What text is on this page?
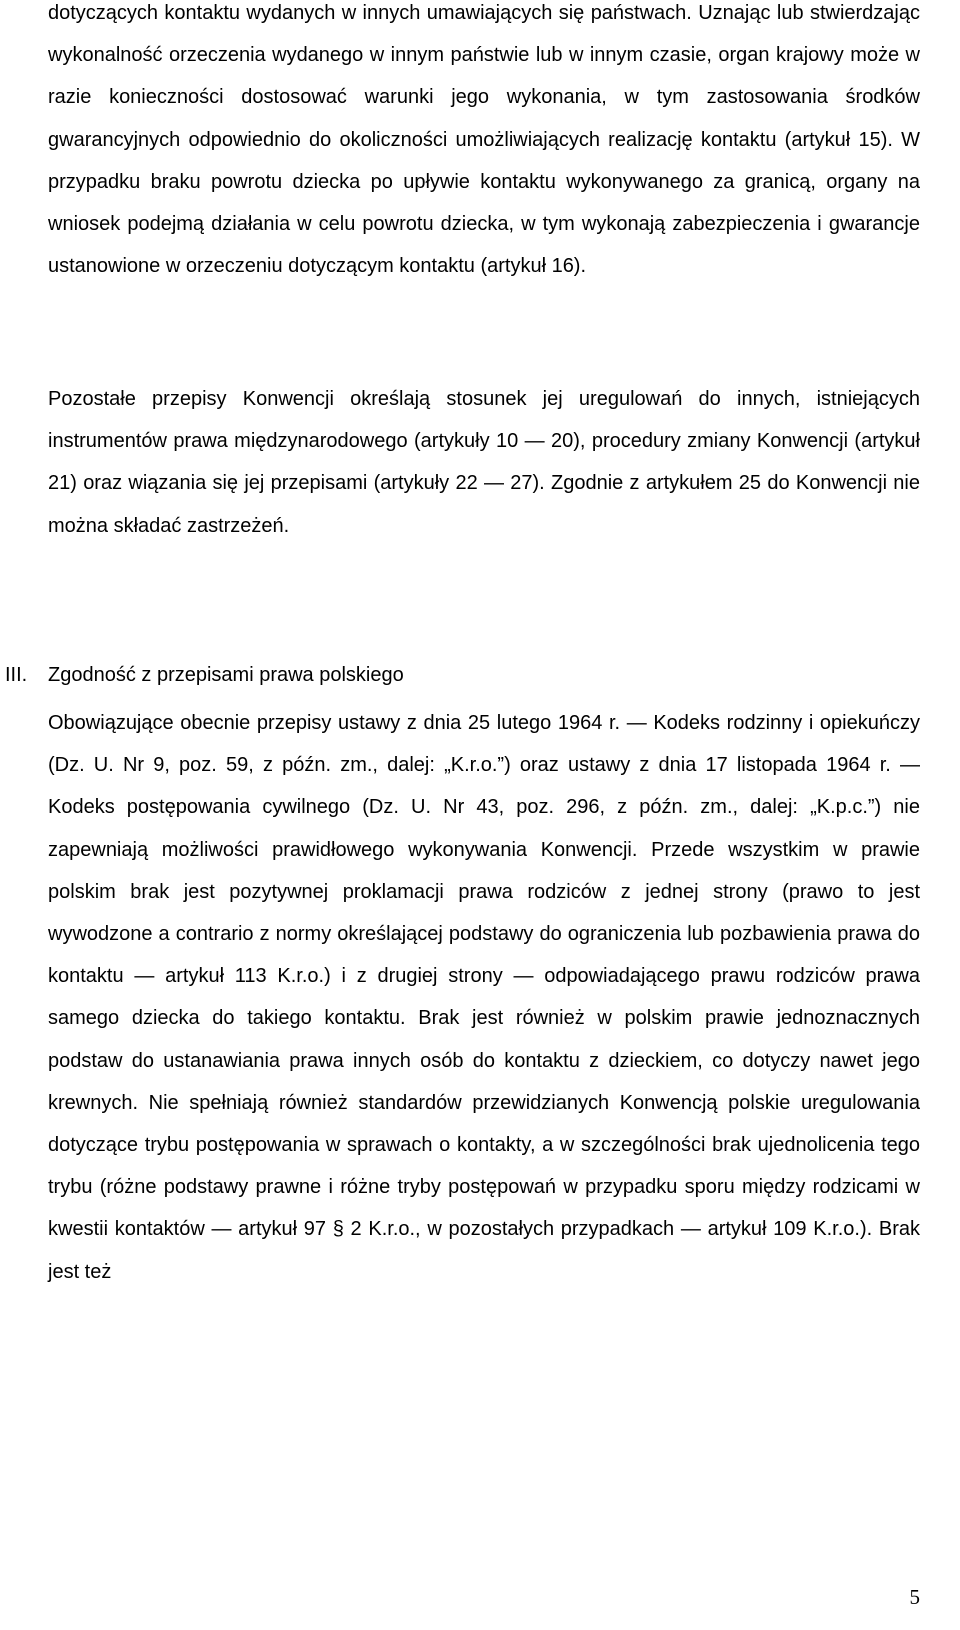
dotyczących kontaktu wydanych w innych umawiających się państwach. Uznając lub stwierdzając wykonalność orzeczenia wydanego w innym państwie lub w innym czasie, organ krajowy może w razie konieczności dostosować warunki jego wykonania, w tym zastosowania środków gwarancyjnych odpowiednio do okoliczności umożliwiających realizację kontaktu (artykuł 15). W przypadku braku powrotu dziecka po upływie kontaktu wykonywanego za granicą, organy na wniosek podejmą działania w celu powrotu dziecka, w tym wykonają zabezpieczenia i gwarancje ustanowione w orzeczeniu dotyczącym kontaktu (artykuł 16).

Pozostałe przepisy Konwencji określają stosunek jej uregulowań do innych, istniejących instrumentów prawa międzynarodowego (artykuły 10 — 20), procedury zmiany Konwencji (artykuł 21) oraz wiązania się jej przepisami (artykuły 22 — 27). Zgodnie z artykułem 25 do Konwencji nie można składać zastrzeżeń.

III. Zgodność z przepisami prawa polskiego

Obowiązujące obecnie przepisy ustawy z dnia 25 lutego 1964 r. — Kodeks rodzinny i opiekuńczy (Dz. U. Nr 9, poz. 59, z późn. zm., dalej: „K.r.o.”) oraz ustawy z dnia 17 listopada 1964 r. — Kodeks postępowania cywilnego (Dz. U. Nr 43, poz. 296, z późn. zm., dalej: „K.p.c.”) nie zapewniają możliwości prawidłowego wykonywania Konwencji. Przede wszystkim w prawie polskim brak jest pozytywnej proklamacji prawa rodziców z jednej strony (prawo to jest wywodzone a contrario z normy określającej podstawy do ograniczenia lub pozbawienia prawa do kontaktu — artykuł 113 K.r.o.) i z drugiej strony — odpowiadającego prawu rodziców prawa samego dziecka do takiego kontaktu. Brak jest również w polskim prawie jednoznacznych podstaw do ustanawiania prawa innych osób do kontaktu z dzieckiem, co dotyczy nawet jego krewnych. Nie spełniają również standardów przewidzianych Konwencją polskie uregulowania dotyczące trybu postępowania w sprawach o kontakty, a w szczególności brak ujednolicenia tego trybu (różne podstawy prawne i różne tryby postępowań w przypadku sporu między rodzicami w kwestii kontaktów — artykuł 97 § 2 K.r.o., w pozostałych przypadkach — artykuł 109 K.r.o.). Brak jest też

5
